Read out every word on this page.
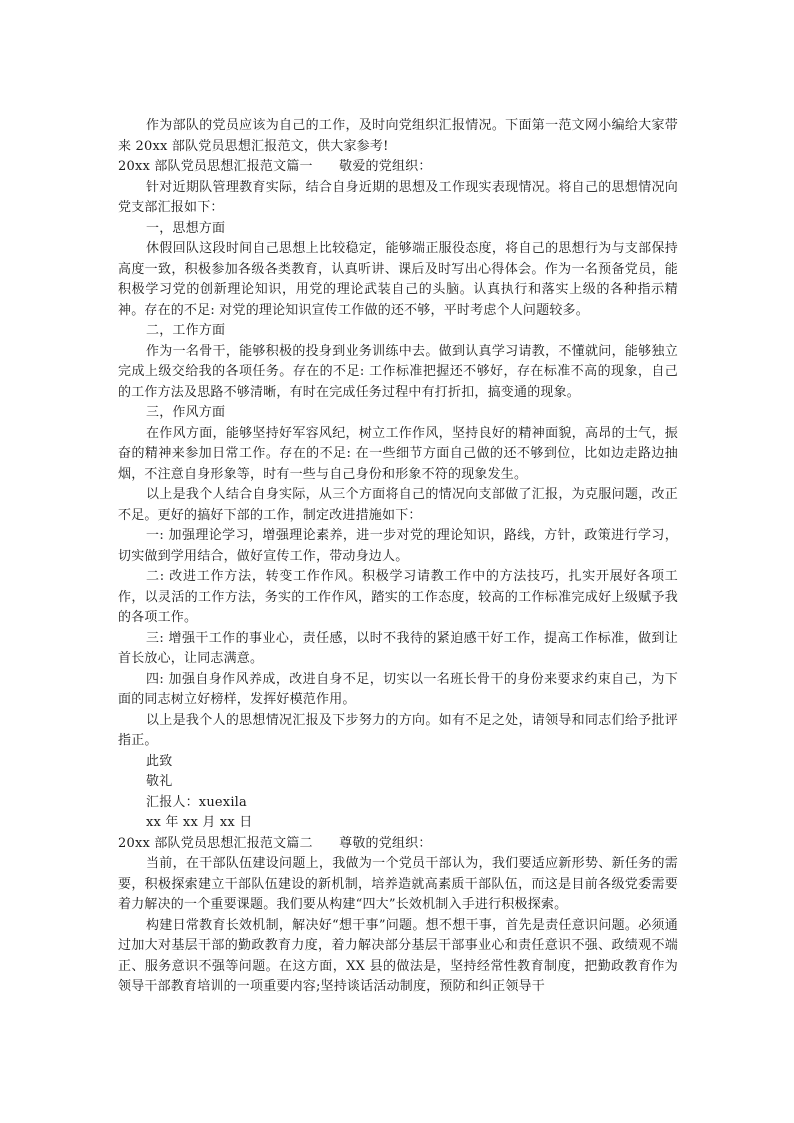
作为部队的党员应该为自己的工作，及时向党组织汇报情况。下面第一范文网小编给大家带来 20xx 部队党员思想汇报范文，供大家参考!

20xx 部队党员思想汇报范文篇一　　敬爱的党组织：

针对近期队管理教育实际，结合自身近期的思想及工作现实表现情况。将自己的思想情况向党支部汇报如下：

一，思想方面

休假回队这段时间自己思想上比较稳定，能够端正服役态度，将自己的思想行为与支部保持高度一致，积极参加各级各类教育，认真听讲、课后及时写出心得体会。作为一名预备党员，能积极学习党的创新理论知识，用党的理论武装自己的头脑。认真执行和落实上级的各种指示精神。存在的不足: 对党的理论知识宣传工作做的还不够，平时考虑个人问题较多。

二，工作方面

作为一名骨干，能够积极的投身到业务训练中去。做到认真学习请教，不懂就问，能够独立完成上级交给我的各项任务。存在的不足: 工作标准把握还不够好，存在标准不高的现象，自己的工作方法及思路不够清晰，有时在完成任务过程中有打折扣，搞变通的现象。

三，作风方面

在作风方面，能够坚持好军容风纪，树立工作作风，坚持良好的精神面貌，高昂的士气，振奋的精神来参加日常工作。存在的不足: 在一些细节方面自己做的还不够到位，比如边走路边抽烟，不注意自身形象等，时有一些与自己身份和形象不符的现象发生。

以上是我个人结合自身实际，从三个方面将自己的情况向支部做了汇报，为克服问题，改正不足。更好的搞好下部的工作，制定改进措施如下：

一: 加强理论学习，增强理论素养，进一步对党的理论知识，路线，方针，政策进行学习，切实做到学用结合，做好宣传工作，带动身边人。

二: 改进工作方法，转变工作作风。积极学习请教工作中的方法技巧，扎实开展好各项工作，以灵活的工作方法，务实的工作作风，踏实的工作态度，较高的工作标准完成好上级赋予我的各项工作。

三: 增强干工作的事业心，责任感，以时不我待的紧迫感干好工作，提高工作标准，做到让首长放心，让同志满意。

四: 加强自身作风养成，改进自身不足，切实以一名班长骨干的身份来要求约束自己，为下面的同志树立好榜样，发挥好模范作用。

以上是我个人的思想情况汇报及下步努力的方向。如有不足之处，请领导和同志们给予批评指正。

此致

敬礼

汇报人：xuexila

xx 年 xx 月 xx 日

20xx 部队党员思想汇报范文篇二　　尊敬的党组织：

当前，在干部队伍建设问题上，我做为一个党员干部认为，我们要适应新形势、新任务的需要，积极探索建立干部队伍建设的新机制，培养造就高素质干部队伍，而这是目前各级党委需要着力解决的一个重要课题。我们要从构建“四大”长效机制入手进行积极探索。

构建日常教育长效机制，解决好“想干事”问题。想不想干事，首先是责任意识问题。必须通过加大对基层干部的勤政教育力度，着力解决部分基层干部事业心和责任意识不强、政绩观不端正、服务意识不强等问题。在这方面，XX 县的做法是，坚持经常性教育制度，把勤政教育作为领导干部教育培训的一项重要内容;坚持谈话活动制度，预防和纠正领导干
